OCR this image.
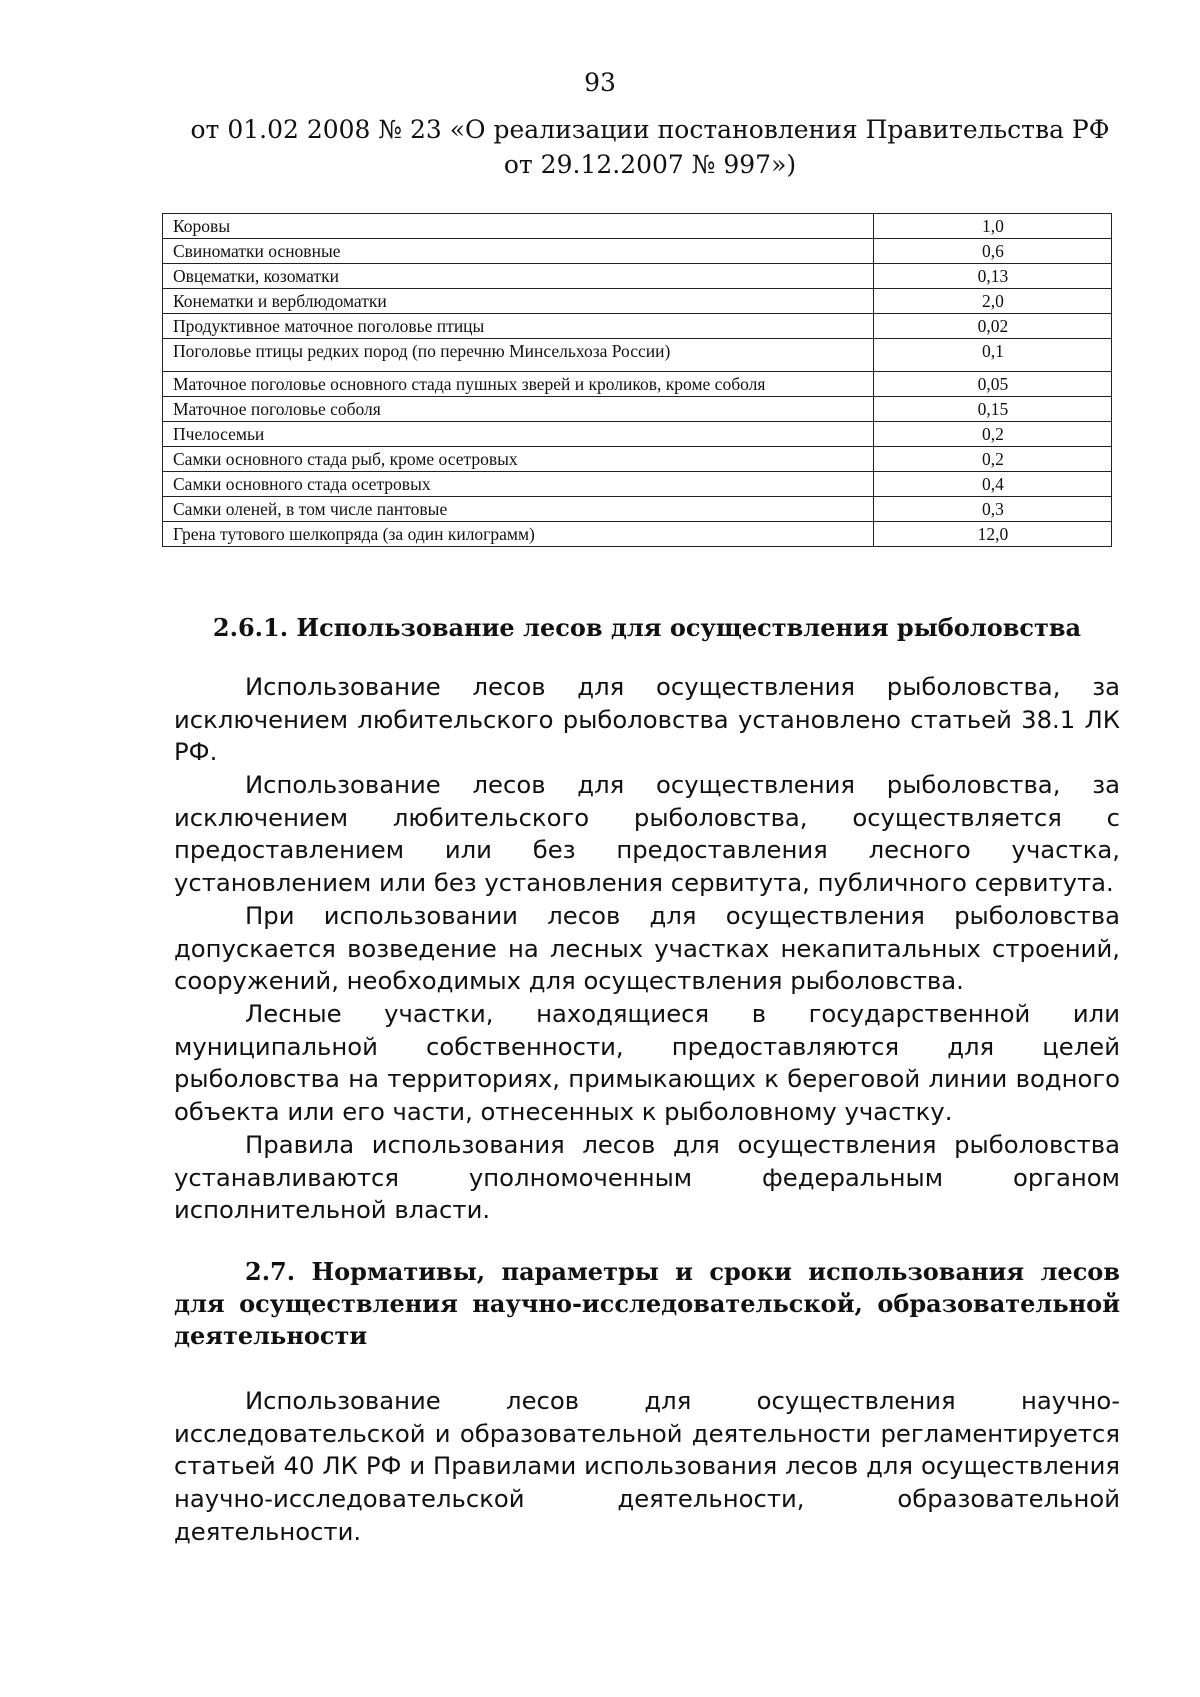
93
от 01.02 2008 № 23 «О реализации постановления Правительства РФ
от 29.12.2007 № 997»)
Коровы	1,0
Свиноматки основные	0,6
Овцематки, козоматки	0,13
Конематки и верблюдоматки	2,0
Продуктивное маточное поголовье птицы	0,02
Поголовье птицы редких пород (по перечню Минсельхоза России)	0,1
Маточное поголовье основного стада пушных зверей и кроликов, кроме соболя	0,05
Маточное поголовье соболя	0,15
Пчелосемьи	0,2
Самки основного стада рыб, кроме осетровых	0,2
Самки основного стада осетровых	0,4
Самки оленей, в том числе пантовые	0,3
Грена тутового шелкопряда (за один килограмм)	12,0
2.6.1. Использование лесов для осуществления рыболовства

Использование лесов для осуществления рыболовства, за исключением любительского рыболовства установлено статьей 38.1 ЛК РФ.

Использование лесов для осуществления рыболовства, за исключением любительского рыболовства, осуществляется с предоставлением или без предоставления лесного участка, установлением или без установления сервитута, публичного сервитута.

При использовании лесов для осуществления рыболовства допускается возведение на лесных участках некапитальных строений, сооружений, необходимых для осуществления рыболовства.

Лесные участки, находящиеся в государственной или муниципальной собственности, предоставляются для целей рыболовства на территориях, примыкающих к береговой линии водного объекта или его части, отнесенных к рыболовному участку.

Правила использования лесов для осуществления рыболовства устанавливаются уполномоченным федеральным органом исполнительной власти.

2.7. Нормативы, параметры и сроки использования лесов для осуществления научно-исследовательской, образовательной деятельности

Использование лесов для осуществления научно-исследовательской и образовательной деятельности регламентируется статьей 40 ЛК РФ и Правилами использования лесов для осуществления научно-исследовательской деятельности, образовательной деятельности.
